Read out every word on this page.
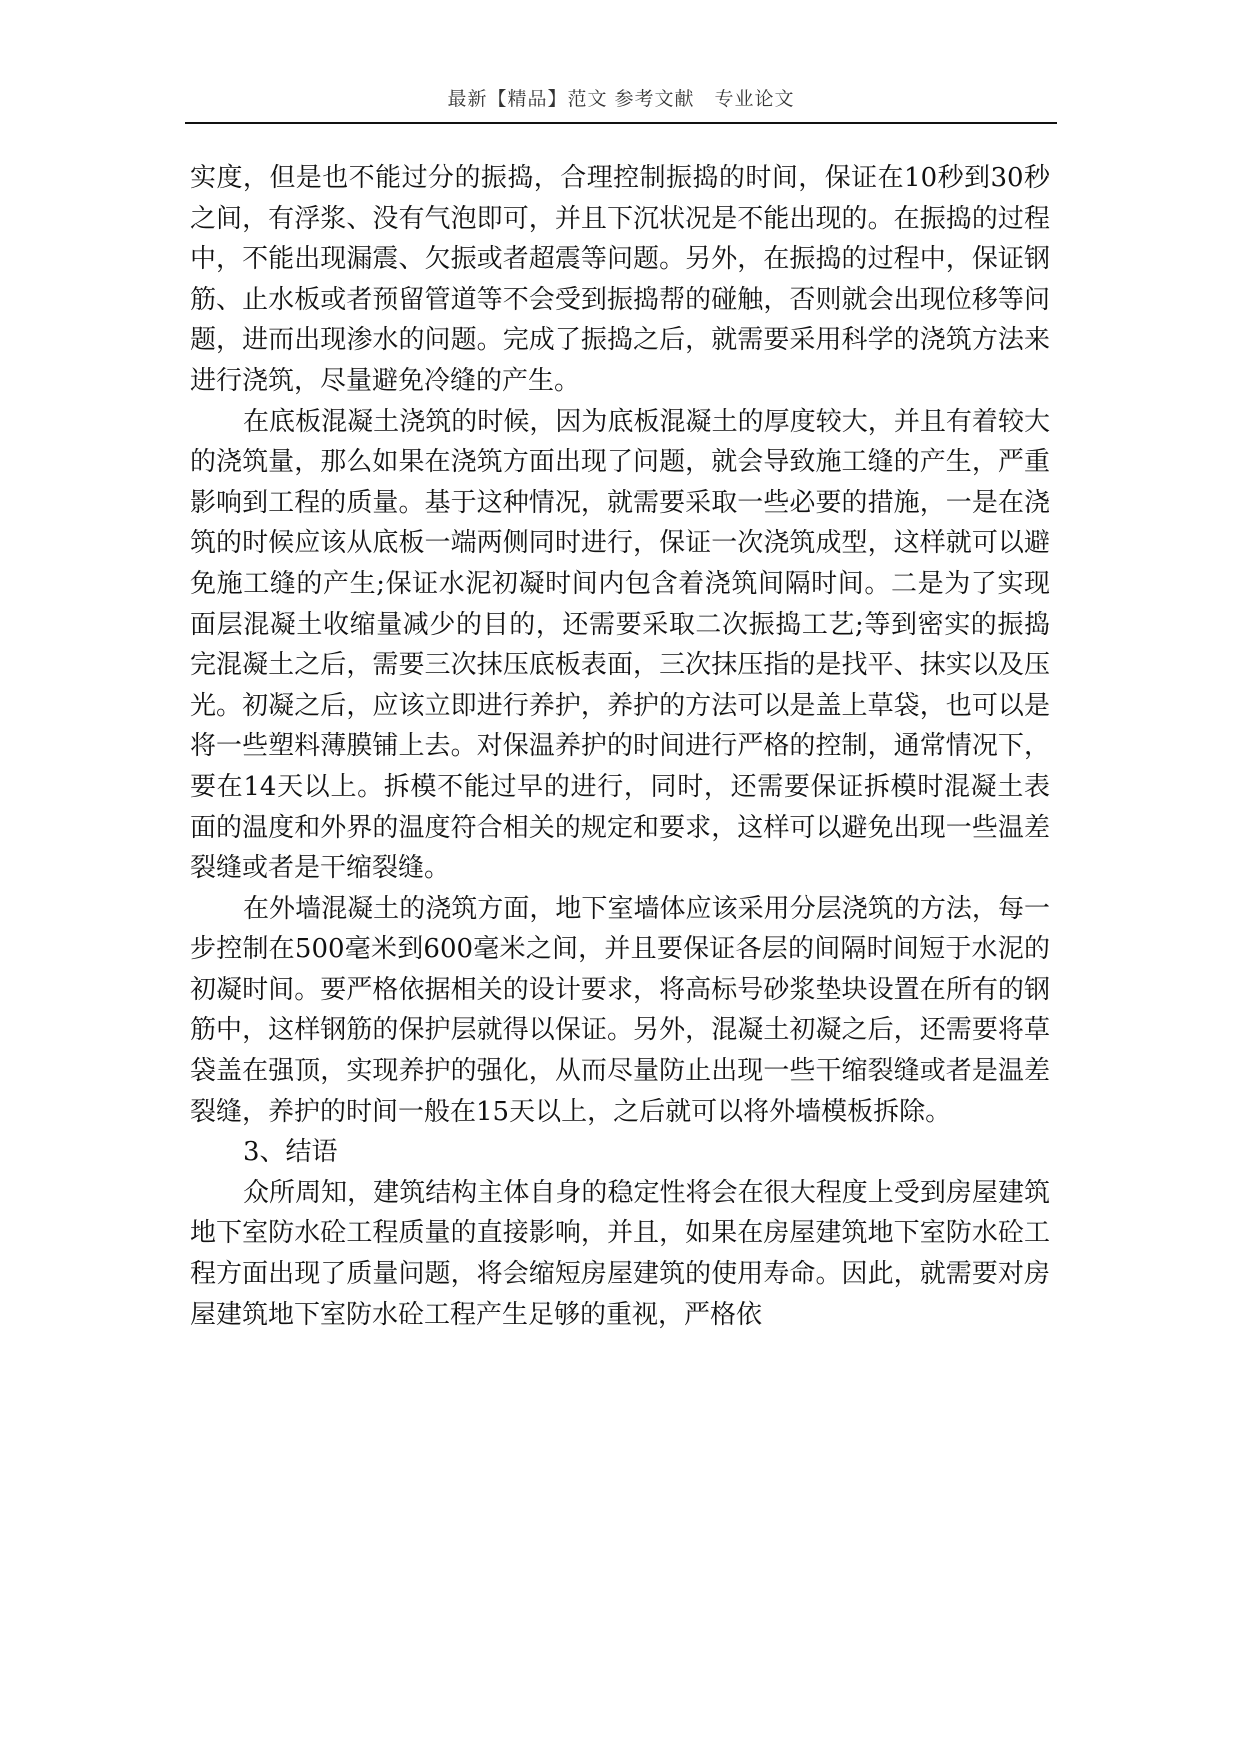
最新【精品】范文 参考文献　专业论文

实度，但是也不能过分的振捣，合理控制振捣的时间，保证在10秒到30秒之间，有浮浆、没有气泡即可，并且下沉状况是不能出现的。在振捣的过程中，不能出现漏震、欠振或者超震等问题。另外，在振捣的过程中，保证钢筋、止水板或者预留管道等不会受到振捣帮的碰触，否则就会出现位移等问题，进而出现渗水的问题。完成了振捣之后，就需要采用科学的浇筑方法来进行浇筑，尽量避免冷缝的产生。

在底板混凝土浇筑的时候，因为底板混凝土的厚度较大，并且有着较大的浇筑量，那么如果在浇筑方面出现了问题，就会导致施工缝的产生，严重影响到工程的质量。基于这种情况，就需要采取一些必要的措施，一是在浇筑的时候应该从底板一端两侧同时进行，保证一次浇筑成型，这样就可以避免施工缝的产生;保证水泥初凝时间内包含着浇筑间隔时间。二是为了实现面层混凝土收缩量减少的目的，还需要采取二次振捣工艺;等到密实的振捣完混凝土之后，需要三次抹压底板表面，三次抹压指的是找平、抹实以及压光。初凝之后，应该立即进行养护，养护的方法可以是盖上草袋，也可以是将一些塑料薄膜铺上去。对保温养护的时间进行严格的控制，通常情况下，要在14天以上。拆模不能过早的进行，同时，还需要保证拆模时混凝土表面的温度和外界的温度符合相关的规定和要求，这样可以避免出现一些温差裂缝或者是干缩裂缝。

在外墙混凝土的浇筑方面，地下室墙体应该采用分层浇筑的方法，每一步控制在500毫米到600毫米之间，并且要保证各层的间隔时间短于水泥的初凝时间。要严格依据相关的设计要求，将高标号砂浆垫块设置在所有的钢筋中，这样钢筋的保护层就得以保证。另外，混凝土初凝之后，还需要将草袋盖在强顶，实现养护的强化，从而尽量防止出现一些干缩裂缝或者是温差裂缝，养护的时间一般在15天以上，之后就可以将外墙模板拆除。

3、结语

众所周知，建筑结构主体自身的稳定性将会在很大程度上受到房屋建筑地下室防水砼工程质量的直接影响，并且，如果在房屋建筑地下室防水砼工程方面出现了质量问题，将会缩短房屋建筑的使用寿命。因此，就需要对房屋建筑地下室防水砼工程产生足够的重视，严格依
